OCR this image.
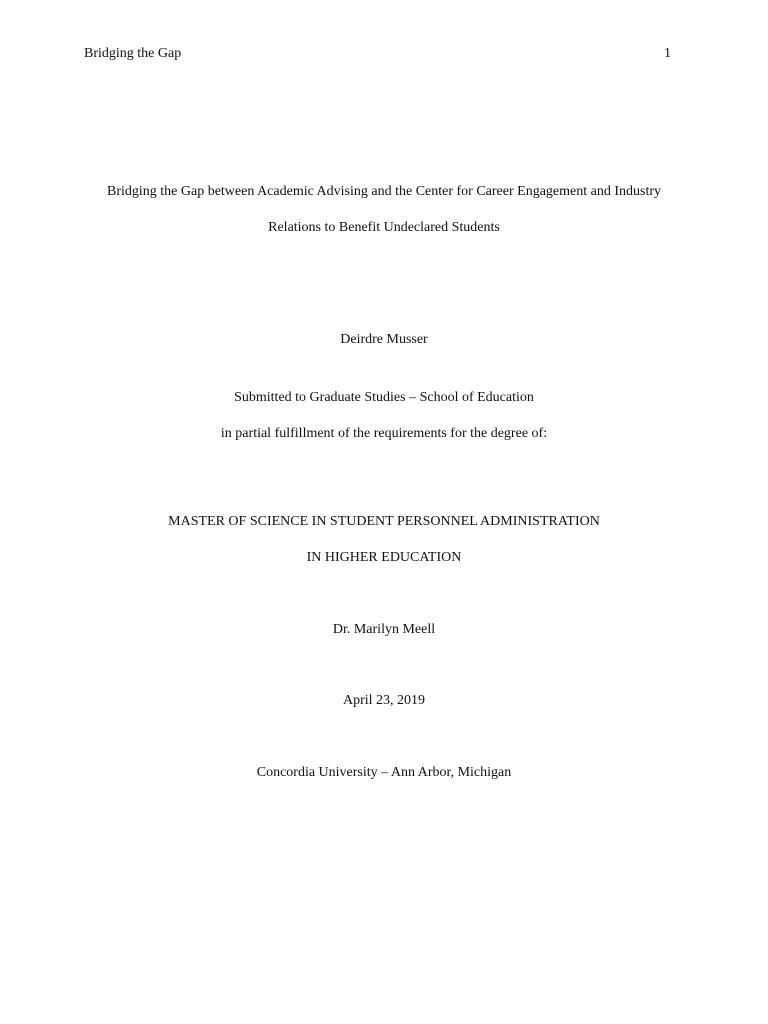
Bridging the Gap	1
Bridging the Gap between Academic Advising and the Center for Career Engagement and Industry
Relations to Benefit Undeclared Students
Deirdre Musser
Submitted to Graduate Studies – School of Education
in partial fulfillment of the requirements for the degree of:
MASTER OF SCIENCE IN STUDENT PERSONNEL ADMINISTRATION
IN HIGHER EDUCATION
Dr. Marilyn Meell
April 23, 2019
Concordia University – Ann Arbor, Michigan
